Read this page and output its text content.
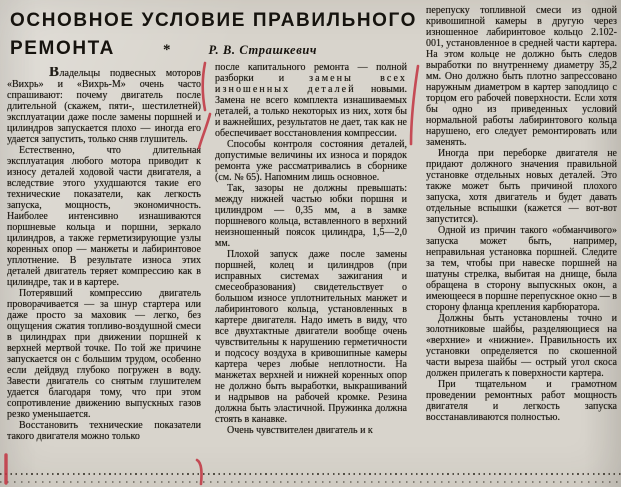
ОСНОВНОЕ УСЛОВИЕ ПРАВИЛЬНОГО
РЕМОНТА	*	Р. В. Страшкевич

Владельцы подвесных моторов «Вихрь» и «Вихрь-М» очень часто спрашивают: почему двигатель после длительной (скажем, пяти-, шестилетней) эксплуатации даже после замены поршней и цилиндров запускается плохо — иногда его удается запустить, только сняв глушитель.

Естественно, что длительная эксплуатация любого мотора приводит к износу деталей ходовой части двигателя, а вследствие этого ухудшаются такие его технические показатели, как легкость запуска, мощность, экономичность. Наиболее интенсивно изнашиваются поршневые кольца и поршни, зеркало цилиндров, а также герметизирующие узлы коренных опор — манжеты и лабиринтовое уплотнение. В результате износа этих деталей двигатель теряет компрессию как в цилиндре, так и в картере.

Потерявший компрессию двигатель проворачивается — за шнур стартера или даже просто за маховик — легко, без ощущения сжатия топливо-воздушной смеси в цилиндрах при движении поршней к верхней мертвой точке. По той же причине запускается он с большим трудом, особенно если дейдвуд глубоко погружен в воду. Завести двигатель со снятым глушителем удается благодаря тому, что при этом сопротивление движению выпускных газов резко уменьшается.

Восстановить технические показатели такого двигателя можно только

после капитального ремонта — полной разборки и замены всех изношенных деталей новыми. Замена не всего комплекта изнашиваемых деталей, а только некоторых из них, хотя бы и важнейших, результатов не дает, так как не обеспечивает восстановления компрессии.

Способы контроля состояния деталей, допустимые величины их износа и порядок ремонта уже рассматривались в сборнике (см. № 65). Напомним лишь основное.

Так, зазоры не должны превышать: между нижней частью юбки поршня и цилиндром — 0,35 мм, а в замке поршневого кольца, вставленного в верхний неизношенный поясок цилиндра, 1,5—2,0 мм.

Плохой запуск даже после замены поршней, колец и цилиндров (при исправных системах зажигания и смесеобразования) свидетельствует о большом износе уплотнительных манжет и лабиринтового кольца, установленных в картере двигателя. Надо иметь в виду, что все двухтактные двигатели вообще очень чувствительны к нарушению герметичности и подсосу воздуха в кривошипные камеры картера через любые неплотности. На манжетах верхней и нижней коренных опор не должно быть выработки, выкрашиваний и надрывов на рабочей кромке. Резина должна быть эластичной. Пружинка должна стоять в канавке.

Очень чувствителен двигатель и к

перепуску топливной смеси из одной кривошипной камеры в другую через изношенное лабиринтовое кольцо 2.102-001, установленное в средней части картера. На этом кольце не должно быть следов выработки по внутреннему диаметру 35,2 мм. Оно должно быть плотно запрессовано наружным диаметром в картер заподлицо с торцом его рабочей поверхности. Если хотя бы одно из приведенных условий нормальной работы лабиринтового кольца нарушено, его следует ремонтировать или заменять.

Иногда при переборке двигателя не придают должного значения правильной установке отдельных новых деталей. Это также может быть причиной плохого запуска, хотя двигатель и будет давать отдельные вспышки (кажется — вот-вот запустится).

Одной из причин такого «обманчивого» запуска может быть, например, неправильная установка поршней. Следите за тем, чтобы при навеске поршней на шатуны стрелка, выбитая на днище, была обращена в сторону выпускных окон, а имеющееся в поршне перепускное окно — в сторону фланца крепления карбюратора.

Должны быть установлены точно и золотниковые шайбы, разделяющиеся на «верхние» и «нижние». Правильность их установки определяется по скошенной части выреза шайбы — острый угол скоса должен прилегать к поверхности картера.

При тщательном и грамотном проведении ремонтных работ мощность двигателя и легкость запуска восстанавливаются полностью.
